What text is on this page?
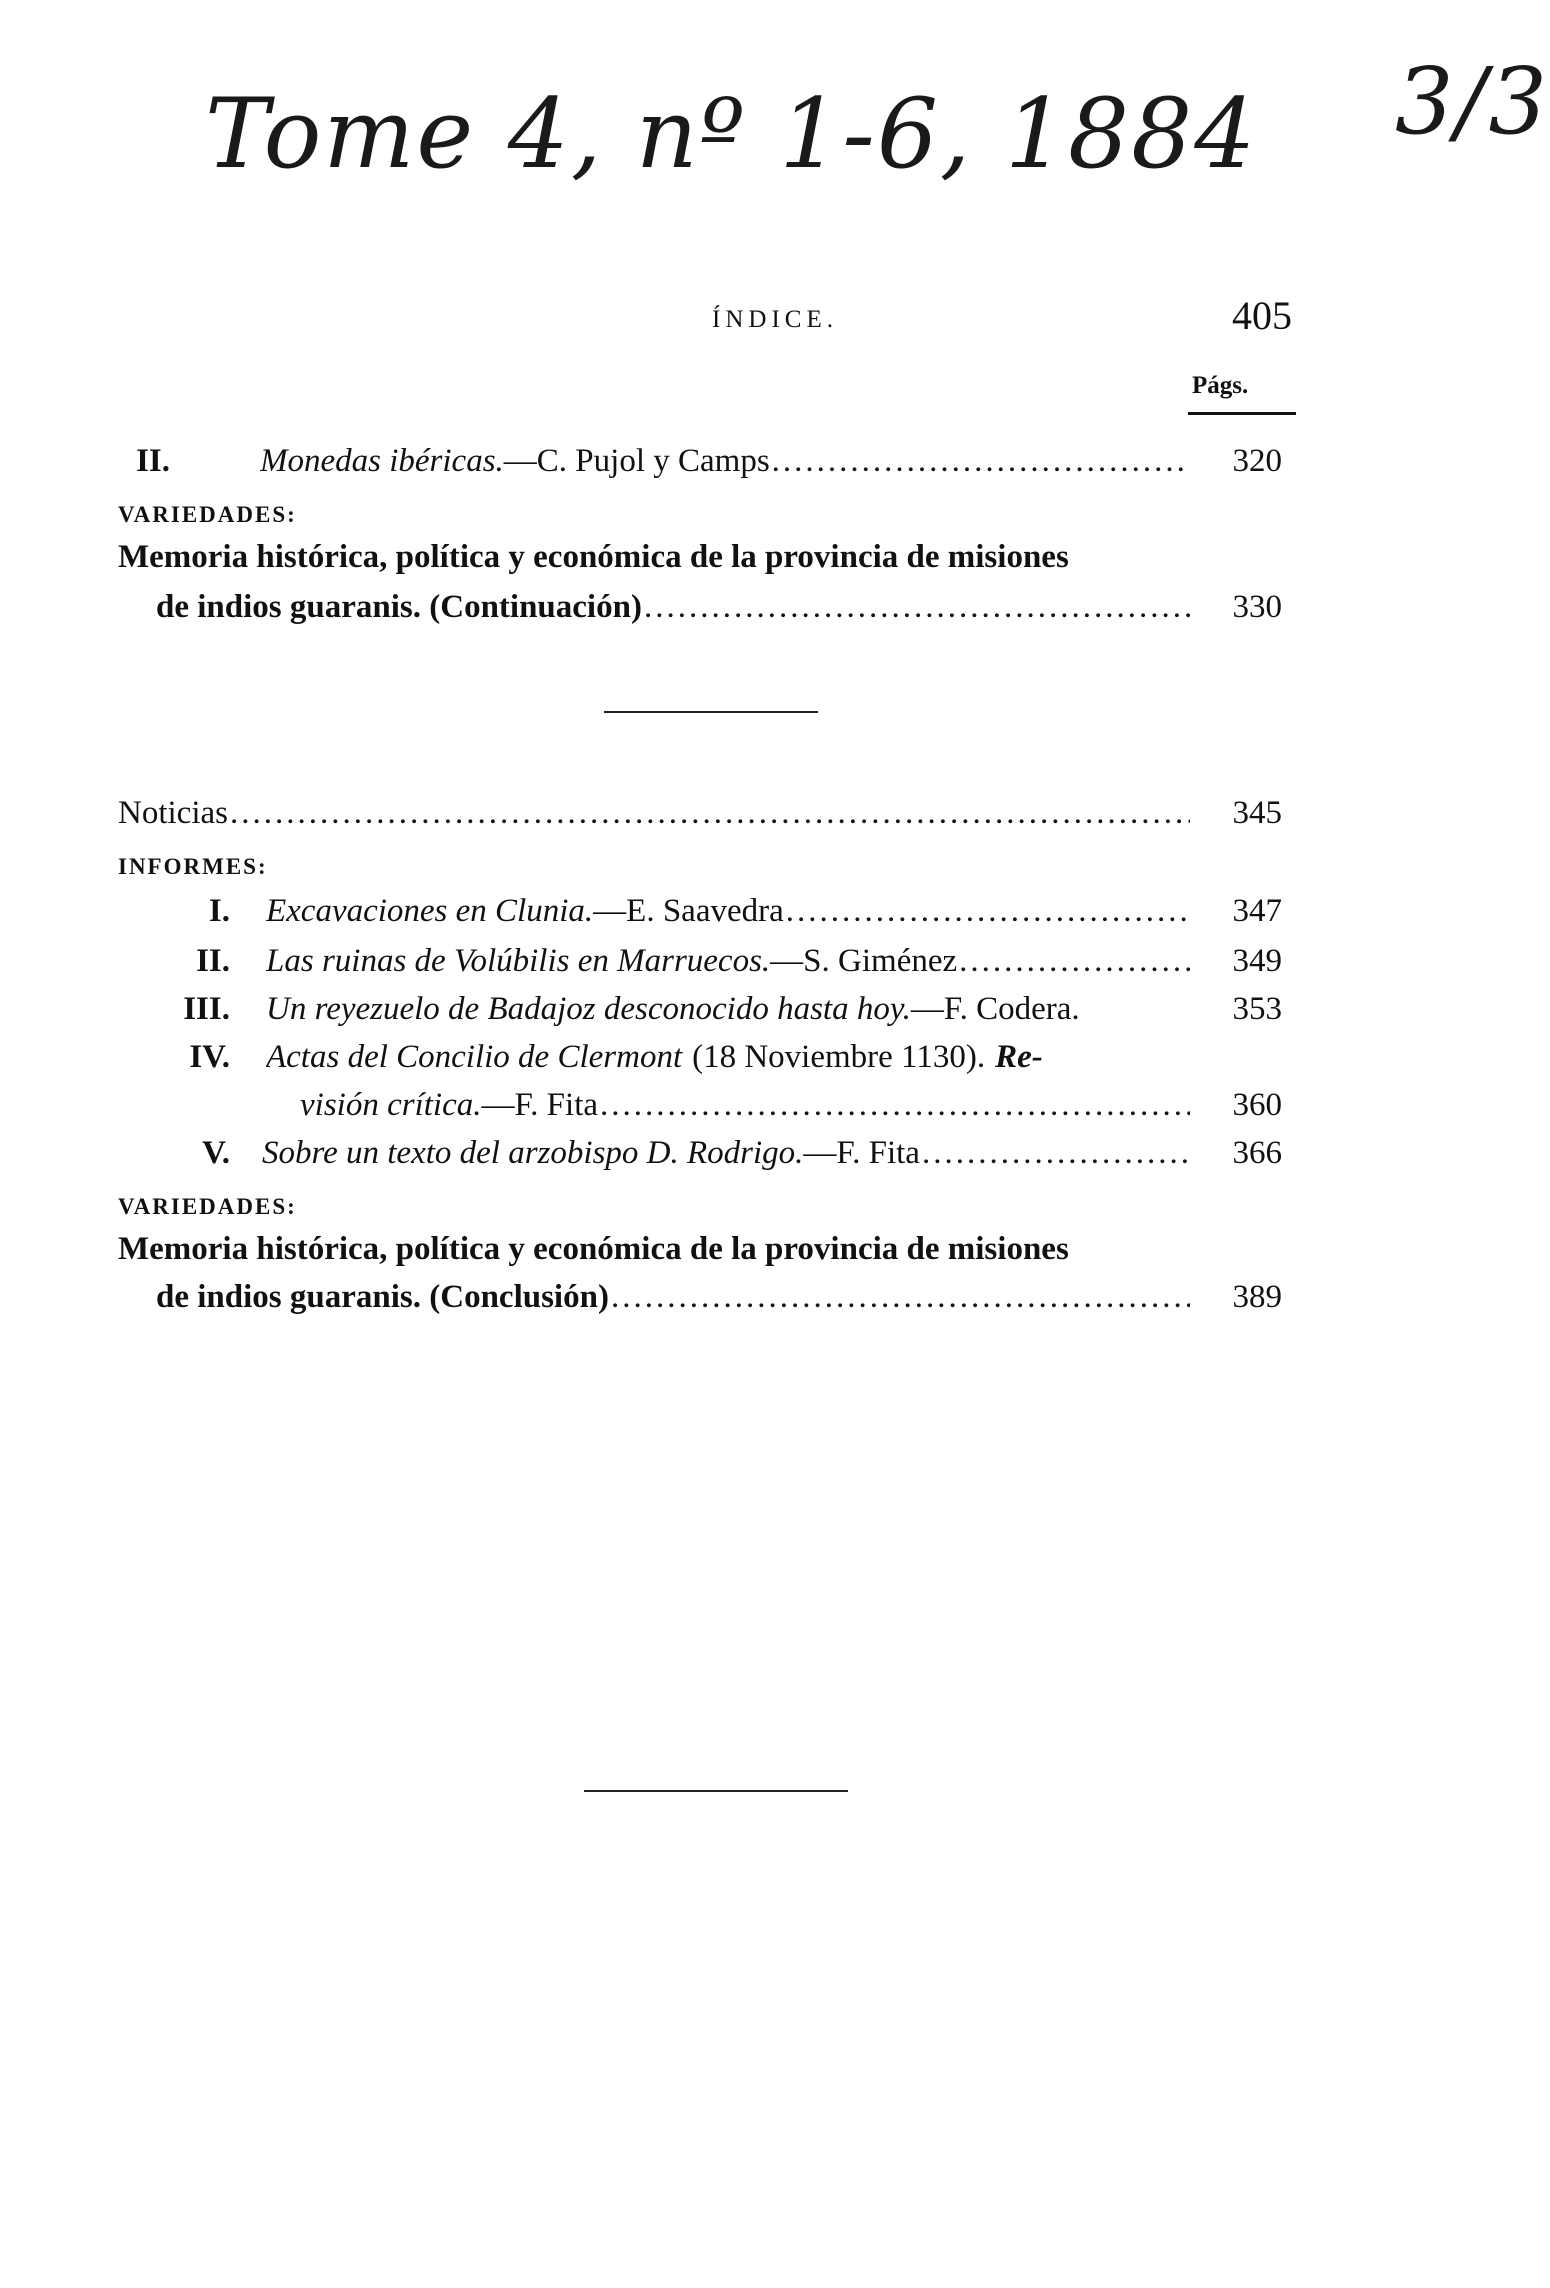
Tome 4, nº 1-6, 1884 3/3
ÍNDICE.	405
Págs.
II.	Monedas ibéricas. —C. Pujol y Camps .....	320
VARIEDADES:
Memoria histórica, política y económica de la provincia de misiones
de indios guaranis. (Continuación) .....	330
Noticias .....	345
INFORMES:
I. Excavaciones en Clunia. —E. Saavedra .....	347
II. Las ruinas de Volúbilis en Marruecos. —S. Giménez .....	349
III. Un reyezuelo de Badajoz desconocido hasta hoy. —F. Codera.	353
IV. Actas del Concilio de Clermont (18 Noviembre 1130). Re-
visión crítica. —F. Fita .....	360
V. Sobre un texto del arzobispo D. Rodrigo. —F. Fita .....	366
VARIEDADES:
Memoria histórica, política y económica de la provincia de misiones
de indios guaranis. (Conclusión) .....	389
